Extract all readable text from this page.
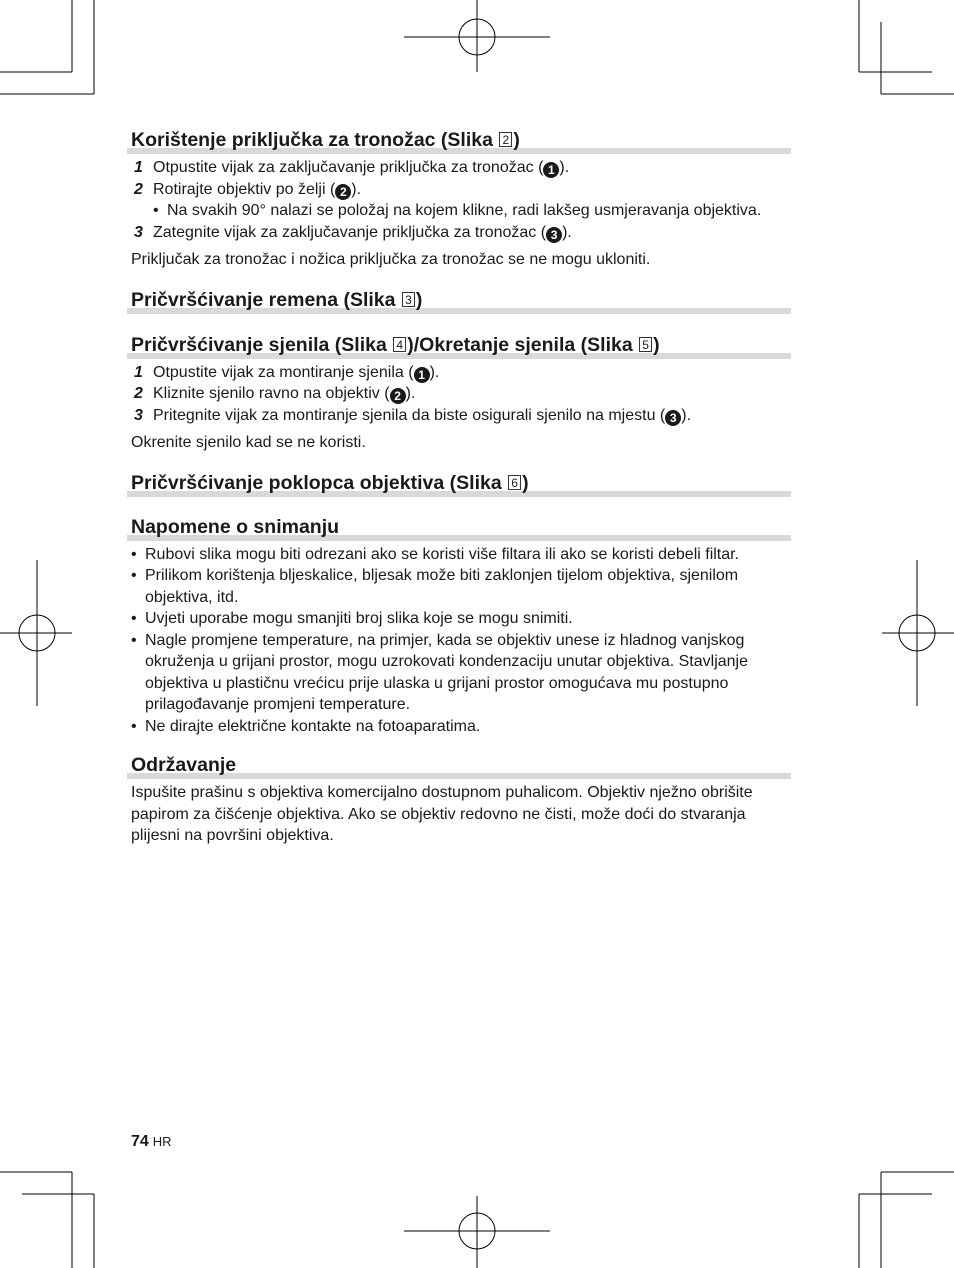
Korištenje priključka za tronožac (Slika 2 )
1 Otpustite vijak za zaključavanje priključka za tronožac ( 1 ).
2 Rotirajte objektiv po želji ( 2 ).
• Na svakih 90° nalazi se položaj na kojem klikne, radi lakšeg usmjeravanja objektiva.
3 Zategnite vijak za zaključavanje priključka za tronožac ( 3 ).
Priključak za tronožac i nožica priključka za tronožac se ne mogu ukloniti.
Pričvršćivanje remena (Slika 3 )
Pričvršćivanje sjenila (Slika 4 )/Okretanje sjenila (Slika 5 )
1 Otpustite vijak za montiranje sjenila ( 1 ).
2 Kliznite sjenilo ravno na objektiv ( 2 ).
3 Pritegnite vijak za montiranje sjenila da biste osigurali sjenilo na mjestu ( 3 ).
Okrenite sjenilo kad se ne koristi.
Pričvršćivanje poklopca objektiva (Slika 6 )
Napomene o snimanju
• Rubovi slika mogu biti odrezani ako se koristi više filtara ili ako se koristi debeli filtar.
• Prilikom korištenja bljeskalice, bljesak može biti zaklonjen tijelom objektiva, sjenilom objektiva, itd.
• Uvjeti uporabe mogu smanjiti broj slika koje se mogu snimiti.
• Nagle promjene temperature, na primjer, kada se objektiv unese iz hladnog vanjskog okruženja u grijani prostor, mogu uzrokovati kondenzaciju unutar objektiva. Stavljanje objektiva u plastičnu vrećicu prije ulaska u grijani prostor omogućava mu postupno prilagođavanje promjeni temperature.
• Ne dirajte električne kontakte na fotoaparatima.
Održavanje
Ispušite prašinu s objektiva komercijalno dostupnom puhalicom. Objektiv nježno obrišite papirom za čišćenje objektiva. Ako se objektiv redovno ne čisti, može doći do stvaranja plijesni na površini objektiva.
74 HR
